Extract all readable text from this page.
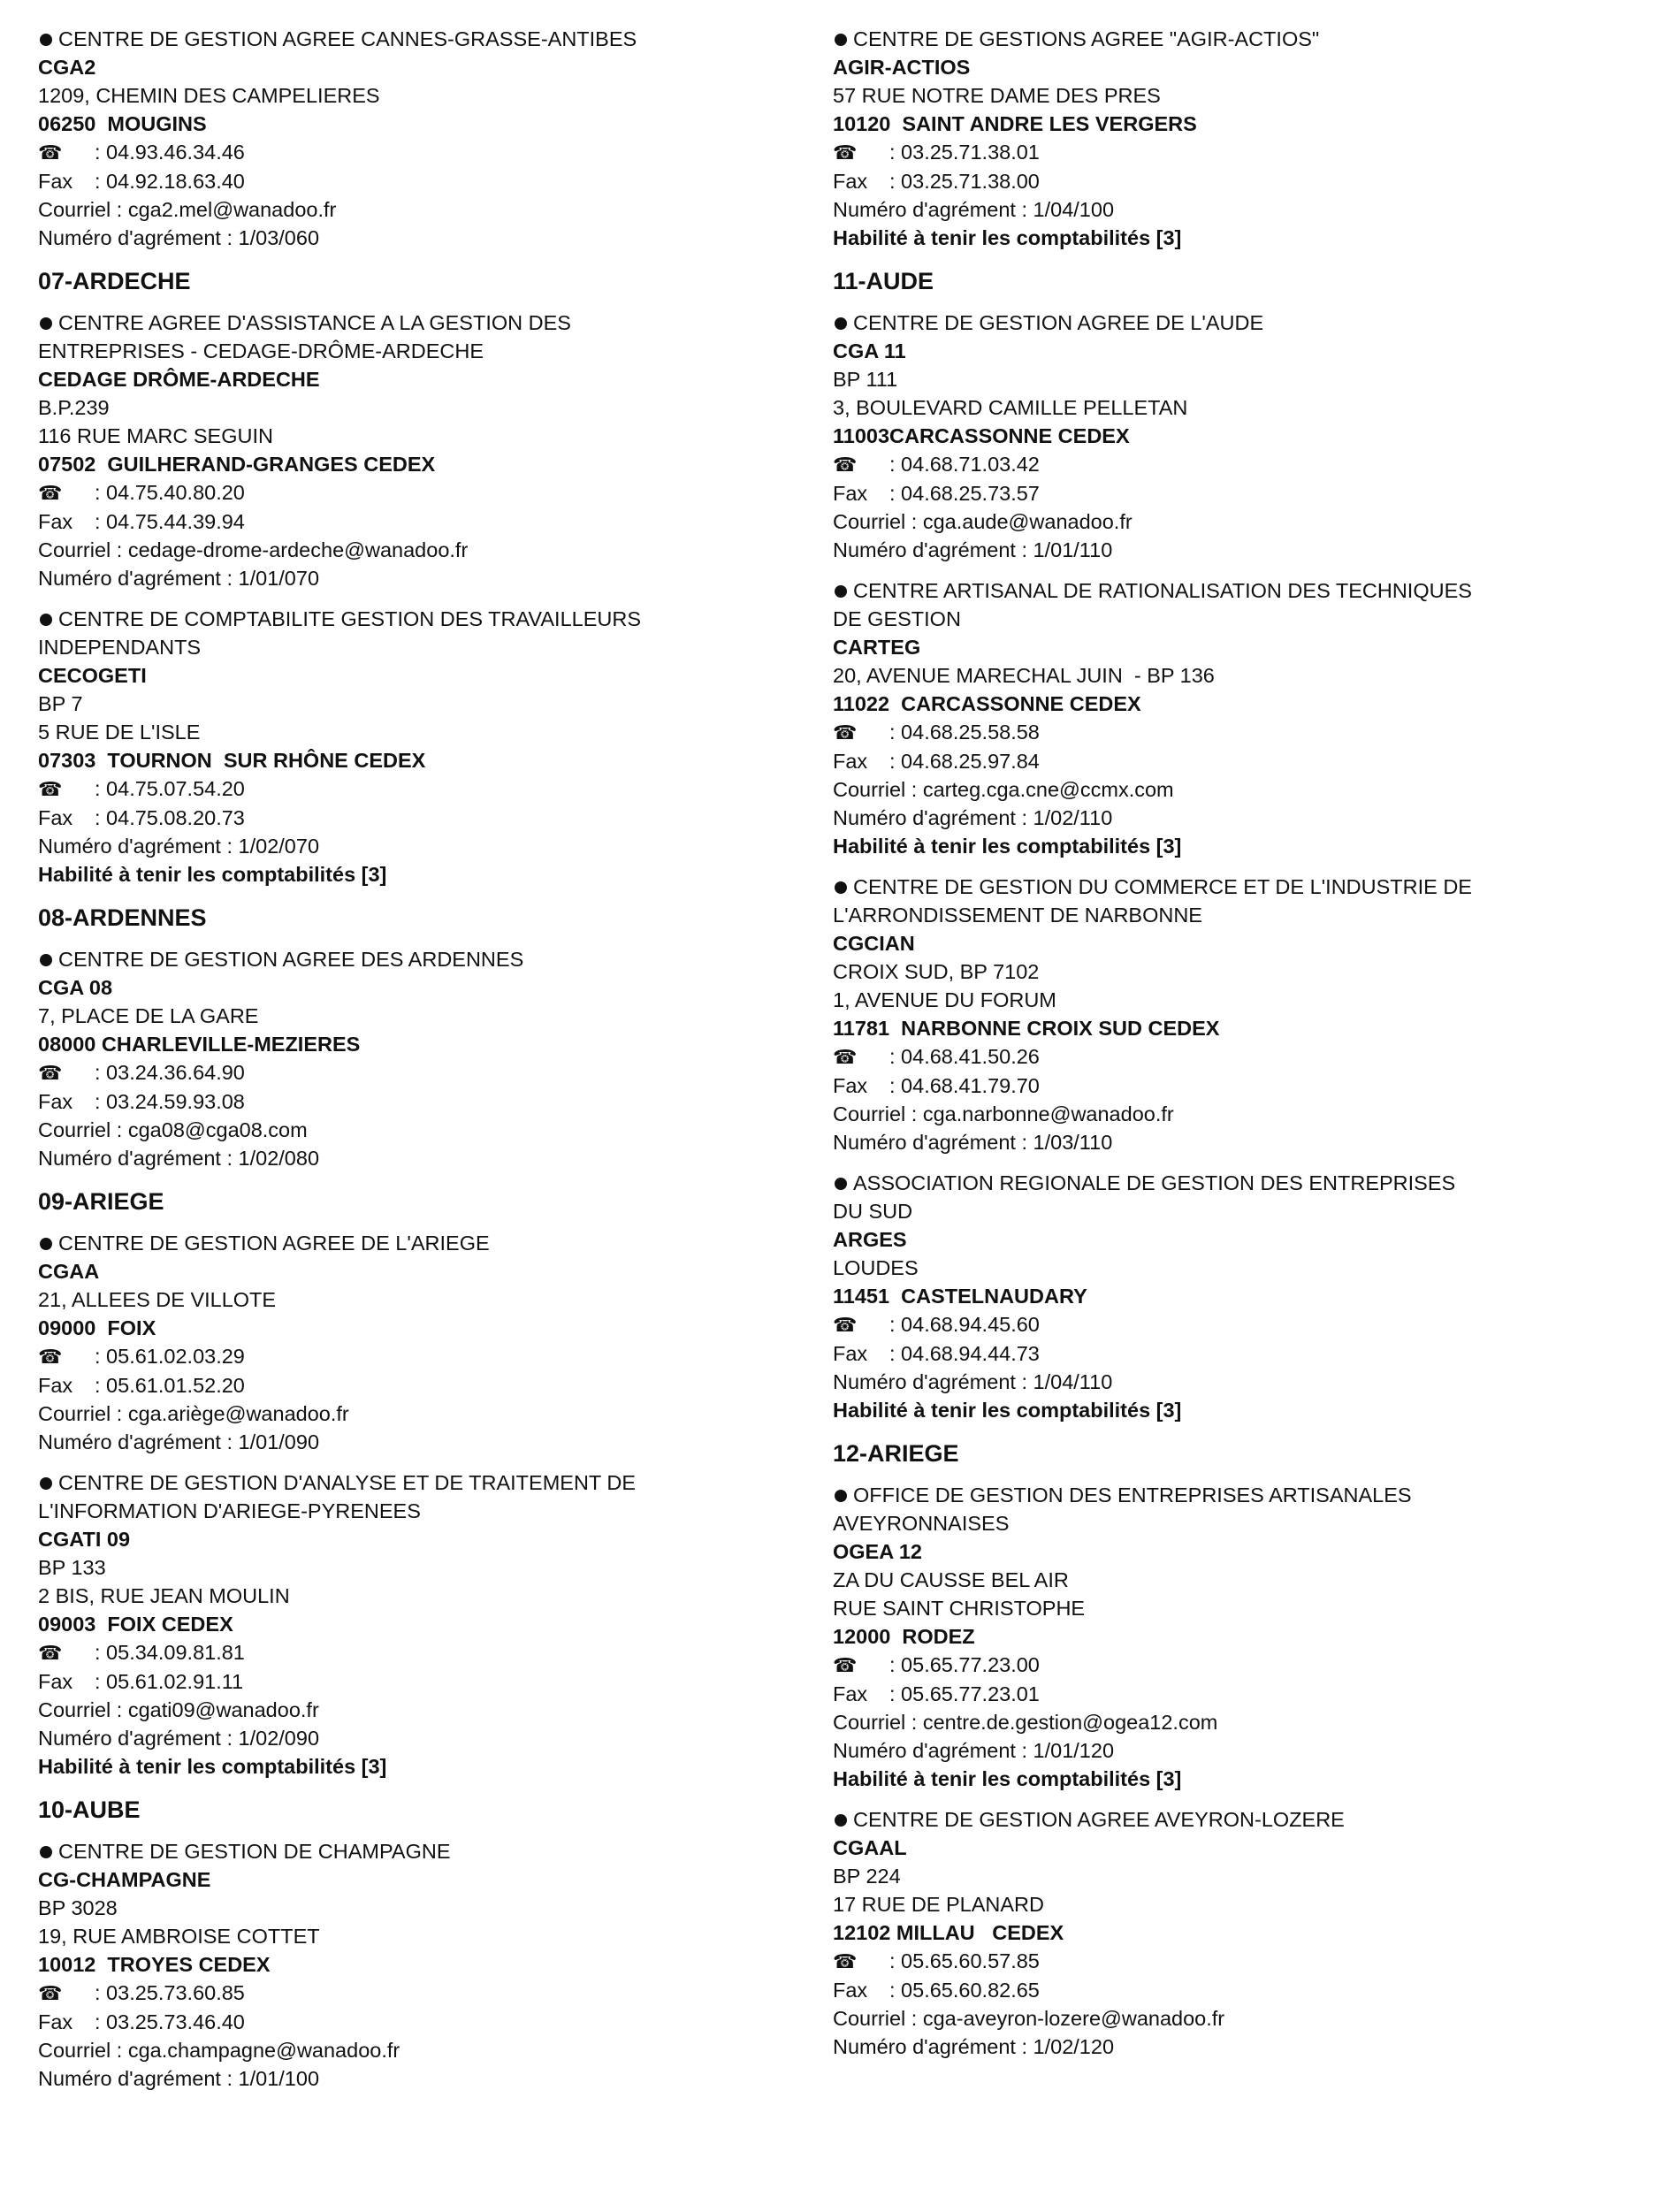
CENTRE DE GESTION AGREE CANNES-GRASSE-ANTIBES
CGA2
1209, CHEMIN DES CAMPELIERES
06250  MOUGINS
☎ : 04.93.46.34.46
Fax : 04.92.18.63.40
Courriel : cga2.mel@wanadoo.fr
Numéro d'agrément : 1/03/060
07-ARDECHE
CENTRE AGREE D'ASSISTANCE A LA GESTION DES
ENTREPRISES - CEDAGE-DRÔME-ARDECHE
CEDAGE DRÔME-ARDECHE
B.P.239
116 RUE MARC SEGUIN
07502  GUILHERAND-GRANGES CEDEX
☎ : 04.75.40.80.20
Fax : 04.75.44.39.94
Courriel : cedage-drome-ardeche@wanadoo.fr
Numéro d'agrément : 1/01/070
CENTRE DE COMPTABILITE GESTION DES TRAVAILLEURS
INDEPENDANTS
CECOGETI
BP 7
5 RUE DE L'ISLE
07303  TOURNON  SUR RHÔNE CEDEX
☎ : 04.75.07.54.20
Fax : 04.75.08.20.73
Numéro d'agrément : 1/02/070
Habilité à tenir les comptabilités [3]
08-ARDENNES
CENTRE DE GESTION AGREE DES ARDENNES
CGA 08
7, PLACE DE LA GARE
08000 CHARLEVILLE-MEZIERES
☎ : 03.24.36.64.90
Fax : 03.24.59.93.08
Courriel : cga08@cga08.com
Numéro d'agrément : 1/02/080
09-ARIEGE
CENTRE DE GESTION AGREE DE L'ARIEGE
CGAA
21, ALLEES DE VILLOTE
09000  FOIX
☎ : 05.61.02.03.29
Fax : 05.61.01.52.20
Courriel : cga.ariège@wanadoo.fr
Numéro d'agrément : 1/01/090
CENTRE DE GESTION D'ANALYSE ET DE TRAITEMENT DE
L'INFORMATION D'ARIEGE-PYRENEES
CGATI 09
BP 133
2 BIS, RUE JEAN MOULIN
09003  FOIX CEDEX
☎ : 05.34.09.81.81
Fax : 05.61.02.91.11
Courriel : cgati09@wanadoo.fr
Numéro d'agrément : 1/02/090
Habilité à tenir les comptabilités [3]
10-AUBE
CENTRE DE GESTION DE CHAMPAGNE
CG-CHAMPAGNE
BP 3028
19, RUE AMBROISE COTTET
10012  TROYES CEDEX
☎ : 03.25.73.60.85
Fax : 03.25.73.46.40
Courriel : cga.champagne@wanadoo.fr
Numéro d'agrément : 1/01/100
CENTRE DE GESTIONS AGREE "AGIR-ACTIOS"
AGIR-ACTIOS
57 RUE NOTRE DAME DES PRES
10120  SAINT ANDRE LES VERGERS
☎ : 03.25.71.38.01
Fax : 03.25.71.38.00
Numéro d'agrément : 1/04/100
Habilité à tenir les comptabilités [3]
11-AUDE
CENTRE DE GESTION AGREE DE L'AUDE
CGA 11
BP 111
3, BOULEVARD CAMILLE PELLETAN
11003CARCASSONNE CEDEX
☎ : 04.68.71.03.42
Fax : 04.68.25.73.57
Courriel : cga.aude@wanadoo.fr
Numéro d'agrément : 1/01/110
CENTRE ARTISANAL DE RATIONALISATION DES TECHNIQUES
DE GESTION
CARTEG
20, AVENUE MARECHAL JUIN  - BP 136
11022  CARCASSONNE CEDEX
☎ : 04.68.25.58.58
Fax : 04.68.25.97.84
Courriel : carteg.cga.cne@ccmx.com
Numéro d'agrément : 1/02/110
Habilité à tenir les comptabilités [3]
CENTRE DE GESTION DU COMMERCE ET DE L'INDUSTRIE DE
L'ARRONDISSEMENT DE NARBONNE
CGCIAN
CROIX SUD, BP 7102
1, AVENUE DU FORUM
11781  NARBONNE CROIX SUD CEDEX
☎ : 04.68.41.50.26
Fax : 04.68.41.79.70
Courriel : cga.narbonne@wanadoo.fr
Numéro d'agrément : 1/03/110
ASSOCIATION REGIONALE DE GESTION DES ENTREPRISES
DU SUD
ARGES
LOUDES
11451  CASTELNAUDARY
☎ : 04.68.94.45.60
Fax : 04.68.94.44.73
Numéro d'agrément : 1/04/110
Habilité à tenir les comptabilités [3]
12-ARIEGE
OFFICE DE GESTION DES ENTREPRISES ARTISANALES
AVEYRONNAISES
OGEA 12
ZA DU CAUSSE BEL AIR
RUE SAINT CHRISTOPHE
12000  RODEZ
☎ : 05.65.77.23.00
Fax : 05.65.77.23.01
Courriel : centre.de.gestion@ogea12.com
Numéro d'agrément : 1/01/120
Habilité à tenir les comptabilités [3]
CENTRE DE GESTION AGREE AVEYRON-LOZERE
CGAAL
BP 224
17 RUE DE PLANARD
12102 MILLAU   CEDEX
☎ : 05.65.60.57.85
Fax : 05.65.60.82.65
Courriel : cga-aveyron-lozere@wanadoo.fr
Numéro d'agrément : 1/02/120
